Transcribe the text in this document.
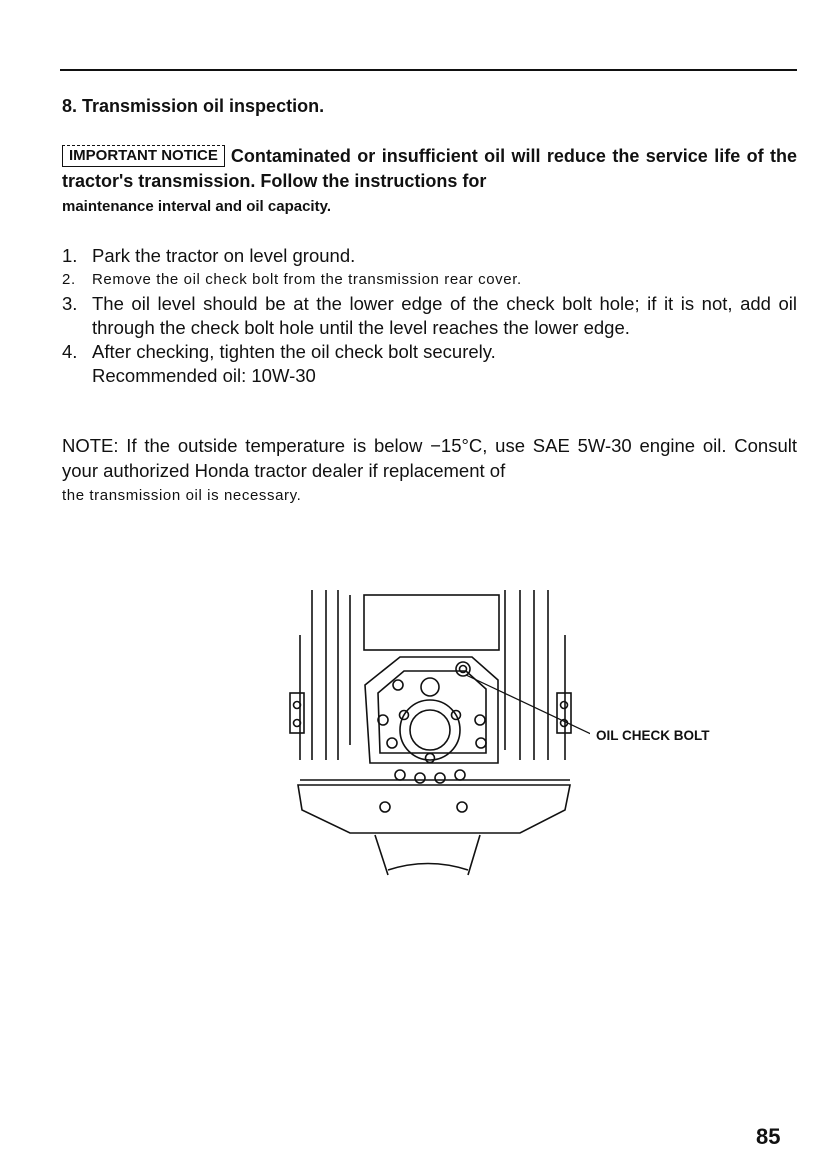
8. Transmission oil inspection.
IMPORTANT NOTICE Contaminated or insufficient oil will reduce the service life of the tractor's transmission. Follow the instructions for
maintenance interval and oil capacity.
1. Park the tractor on level ground.
2.	Remove the oil check bolt from the transmission rear cover.
3. The oil level should be at the lower edge of the check bolt hole; if it is not, add oil through the check bolt hole until the level reaches the lower edge.
4. After checking, tighten the oil check bolt securely.
Recommended oil: 10W-30
NOTE: If the outside temperature is below −15°C, use SAE 5W-30 engine oil. Consult your authorized Honda tractor dealer if replacement of
the transmission oil is necessary.
OIL CHECK BOLT
85
